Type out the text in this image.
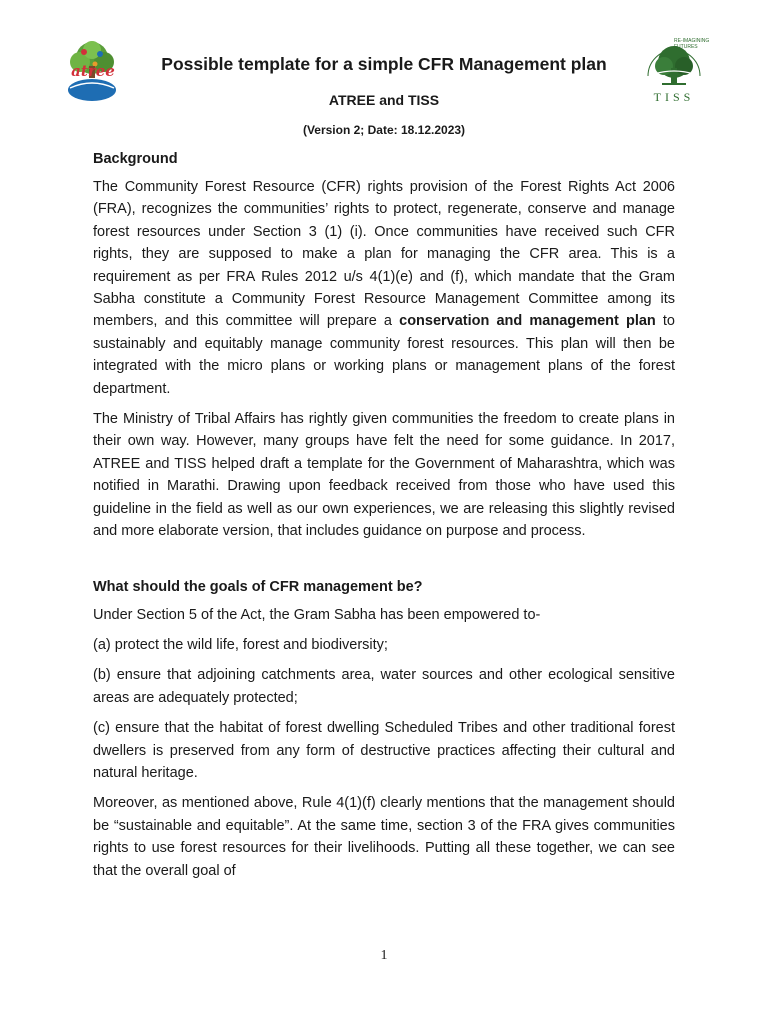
atree
RE-IMAGINING FUTURES
TISS
Possible template for a simple CFR Management plan
ATREE and TISS
(Version 2; Date: 18.12.2023)

Background

The Community Forest Resource (CFR) rights provision of the Forest Rights Act 2006 (FRA), recognizes the communities’ rights to protect, regenerate, conserve and manage forest resources under Section 3 (1) (i). Once communities have received such CFR rights, they are supposed to make a plan for managing the CFR area. This is a requirement as per FRA Rules 2012 u/s 4(1)(e) and (f), which mandate that the Gram Sabha constitute a Community Forest Resource Management Committee among its members, and this committee will prepare a conservation and management plan to sustainably and equitably manage community forest resources. This plan will then be integrated with the micro plans or working plans or management plans of the forest department.

The Ministry of Tribal Affairs has rightly given communities the freedom to create plans in their own way. However, many groups have felt the need for some guidance. In 2017, ATREE and TISS helped draft a template for the Government of Maharashtra, which was notified in Marathi. Drawing upon feedback received from those who have used this guideline in the field as well as our own experiences, we are releasing this slightly revised and more elaborate version, that includes guidance on purpose and process.

What should the goals of CFR management be?

Under Section 5 of the Act, the Gram Sabha has been empowered to-

(a) protect the wild life, forest and biodiversity;

(b) ensure that adjoining catchments area, water sources and other ecological sensitive areas are adequately protected;

(c) ensure that the habitat of forest dwelling Scheduled Tribes and other traditional forest dwellers is preserved from any form of destructive practices affecting their cultural and natural heritage.

Moreover, as mentioned above, Rule 4(1)(f) clearly mentions that the management should be “sustainable and equitable”. At the same time, section 3 of the FRA gives communities rights to use forest resources for their livelihoods. Putting all these together, we can see that the overall goal of

1
